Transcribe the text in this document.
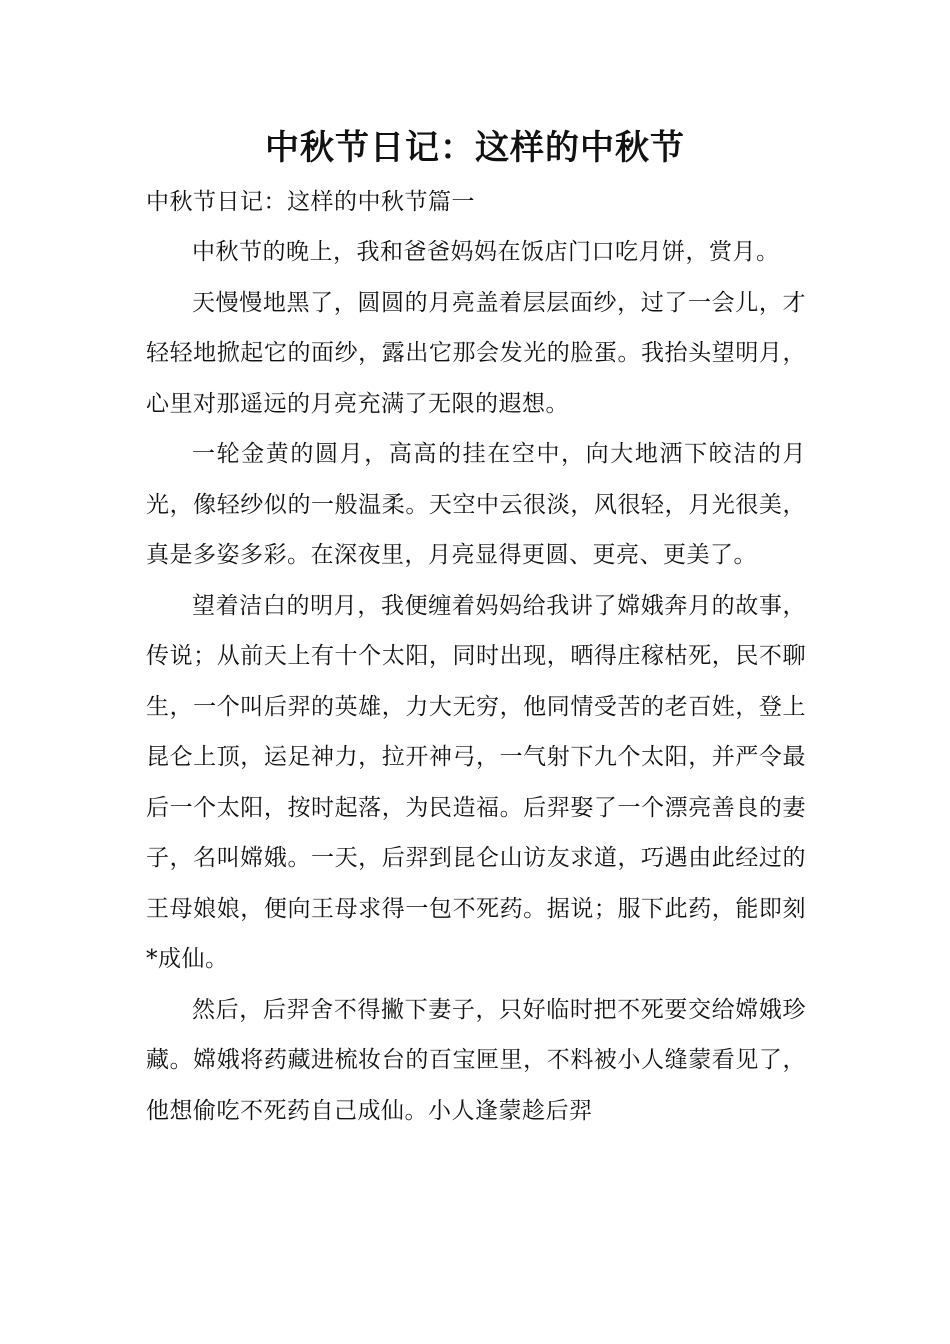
中秋节日记：这样的中秋节

中秋节日记：这样的中秋节篇一

中秋节的晚上，我和爸爸妈妈在饭店门口吃月饼，赏月。

天慢慢地黑了，圆圆的月亮盖着层层面纱，过了一会儿，才轻轻地掀起它的面纱，露出它那会发光的脸蛋。我抬头望明月，心里对那遥远的月亮充满了无限的遐想。

一轮金黄的圆月，高高的挂在空中，向大地洒下皎洁的月光，像轻纱似的一般温柔。天空中云很淡，风很轻，月光很美，真是多姿多彩。在深夜里，月亮显得更圆、更亮、更美了。

望着洁白的明月，我便缠着妈妈给我讲了嫦娥奔月的故事，传说；从前天上有十个太阳，同时出现，晒得庄稼枯死，民不聊生，一个叫后羿的英雄，力大无穷，他同情受苦的老百姓，登上昆仑上顶，运足神力，拉开神弓，一气射下九个太阳，并严令最后一个太阳，按时起落，为民造福。后羿娶了一个漂亮善良的妻子，名叫嫦娥。一天，后羿到昆仑山访友求道，巧遇由此经过的王母娘娘，便向王母求得一包不死药。据说；服下此药，能即刻*成仙。

然后，后羿舍不得撇下妻子，只好临时把不死要交给嫦娥珍藏。嫦娥将药藏进梳妆台的百宝匣里，不料被小人缝蒙看见了，他想偷吃不死药自己成仙。小人逢蒙趁后羿
